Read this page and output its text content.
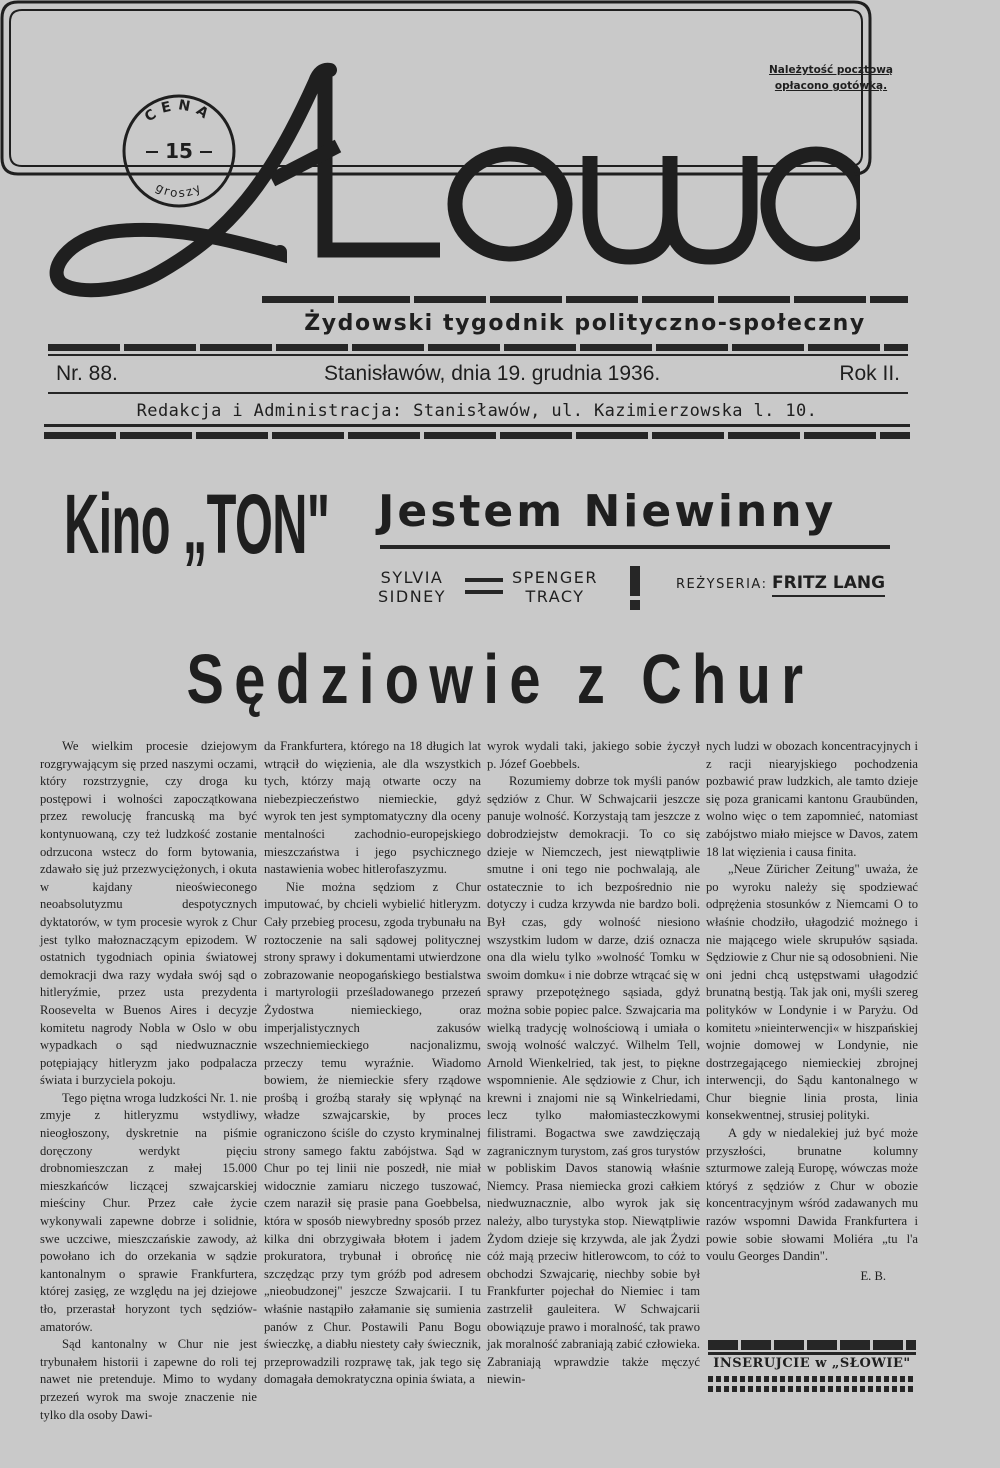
Należytość pocztową
opłacono gotówką.
CENA
15
groszy
Żydowski tygodnik polityczno-społeczny
Nr. 88.	Stanisławów, dnia 19. grudnia 1936.	Rok II.
Redakcja i Administracja: Stanisławów, ul. Kazimierzowska l. 10.
Kino „TON" Jestem Niewinny
SYLVIA
SIDNEY
SPENGER
TRACY
REŻYSERIA: FRITZ LANG
Sędziowie z Chur

We wielkim procesie dziejowym rozgrywającym się przed naszymi oczami, który rozstrzygnie, czy droga ku postępowi i wolności zapoczątkowana przez rewolucję francuską ma być kontynuowaną, czy też ludzkość zostanie odrzucona wstecz do form bytowania, zdawało się już przezwyciężonych, i okuta w kajdany nieoświeconego neoabsolutyzmu despotycznych dyktatorów, w tym procesie wyrok z Chur jest tylko małoznaczącym epizodem. W ostatnich tygodniach opinia światowej demokracji dwa razy wydała swój sąd o hitleryźmie, przez usta prezydenta Roosevelta w Buenos Aires i decyzje komitetu nagrody Nobla w Oslo w obu wypadkach o sąd niedwuznacznie potępiający hitleryzm jako podpalacza świata i burzyciela pokoju.

Tego piętna wroga ludzkości Nr. 1. nie zmyje z hitleryzmu wstydliwy, nieogłoszony, dyskretnie na piśmie doręczony werdykt pięciu drobnomieszczan z małej 15.000 mieszkańców liczącej szwajcarskiej mieściny Chur. Przez całe życie wykonywali zapewne dobrze i solidnie, swe uczciwe, mieszczańskie zawody, aż powołano ich do orzekania w sądzie kantonalnym o sprawie Frankfurtera, której zasięg, ze względu na jej dziejowe tło, przerastał horyzont tych sędziów-amatorów.

Sąd kantonalny w Chur nie jest trybunałem historii i zapewne do roli tej nawet nie pretenduje. Mimo to wydany przezeń wyrok ma swoje znaczenie nie tylko dla osoby Dawi-

da Frankfurtera, którego na 18 długich lat wtrącił do więzienia, ale dla wszystkich tych, którzy mają otwarte oczy na niebezpieczeństwo niemieckie, gdyż wyrok ten jest symptomatyczny dla oceny mentalności zachodnio-europejskiego mieszczaństwa i jego psychicznego nastawienia wobec hitlerofaszyzmu.

Nie można sędziom z Chur imputować, by chcieli wybielić hitleryzm. Cały przebieg procesu, zgoda trybunału na roztoczenie na sali sądowej politycznej strony sprawy i dokumentami utwierdzone zobrazowanie neopogańskiego bestialstwa i martyrologii prześladowanego przezeń Żydostwa niemieckiego, oraz imperjalistycznych zakusów wszechniemieckiego nacjonalizmu, przeczy temu wyraźnie. Wiadomo bowiem, że niemieckie sfery rządowe prośbą i groźbą starały się wpłynąć na władze szwajcarskie, by proces ograniczono ściśle do czysto kryminalnej strony samego faktu zabójstwa. Sąd w Chur po tej linii nie poszedł, nie miał widocznie zamiaru niczego tuszować, czem naraził się prasie pana Goebbelsa, która w sposób niewybredny sposób przez kilka dni obrzygiwała błotem i jadem prokuratora, trybunał i obrońcę nie szczędząc przy tym gróźb pod adresem „nieobudzonej" jeszcze Szwajcarii. I tu właśnie nastąpiło załamanie się sumienia panów z Chur. Postawili Panu Bogu świeczkę, a diabłu niestety cały świecznik, przeprowadzili rozprawę tak, jak tego się domagała demokratyczna opinia świata, a

wyrok wydali taki, jakiego sobie życzył p. Józef Goebbels.

Rozumiemy dobrze tok myśli panów sędziów z Chur. W Schwajcarii jeszcze panuje wolność. Korzystają tam jeszcze z dobrodziejstw demokracji. To co się dzieje w Niemczech, jest niewątpliwie smutne i oni tego nie pochwalają, ale ostatecznie to ich bezpośrednio nie dotyczy i cudza krzywda nie bardzo boli. Był czas, gdy wolność niesiono wszystkim ludom w darze, dziś oznacza ona dla wielu tylko »wolność Tomku w swoim domku« i nie dobrze wtrącać się w sprawy przepotężnego sąsiada, gdyż można sobie popiec palce. Szwajcaria ma wielką tradycję wolnościową i umiała o swoją wolność walczyć. Wilhelm Tell, Arnold Wienkelried, tak jest, to piękne wspomnienie. Ale sędziowie z Chur, ich krewni i znajomi nie są Winkelriedami, lecz tylko małomiasteczkowymi filistrami. Bogactwa swe zawdzięczają zagranicznym turystom, zaś gros turystów w pobliskim Davos stanowią właśnie Niemcy. Prasa niemiecka grozi całkiem niedwuznacznie, albo wyrok jak się należy, albo turystyka stop. Niewątpliwie Żydom dzieje się krzywda, ale jak Żydzi cóż mają przeciw hitlerowcom, to cóż to obchodzi Szwajcarię, niechby sobie był Frankfurter pojechał do Niemiec i tam zastrzelił gauleitera. W Schwajcarii obowiązuje prawo i moralność, tak prawo jak moralność zabraniają zabić człowieka. Zabraniają wprawdzie także męczyć niewin-

nych ludzi w obozach koncentracyjnych i z racji niearyjskiego pochodzenia pozbawić praw ludzkich, ale tamto dzieje się poza granicami kantonu Graubünden, wolno więc o tem zapomnieć, natomiast zabójstwo miało miejsce w Davos, zatem 18 lat więzienia i causa finita.

„Neue Züricher Zeitung" uważa, że po wyroku należy się spodziewać odprężenia stosunków z Niemcami O to właśnie chodziło, ułagodzić możnego i nie mającego wiele skrupułów sąsiada. Sędziowie z Chur nie są odosobnieni. Nie oni jedni chcą ustępstwami ułagodzić brunatną bestją. Tak jak oni, myśli szereg polityków w Londynie i w Paryżu. Od komitetu »nieinterwencji« w hiszpańskiej wojnie domowej w Londynie, nie dostrzegającego niemieckiej zbrojnej interwencji, do Sądu kantonalnego w Chur biegnie linia prosta, linia konsekwentnej, strusiej polityki.

A gdy w niedalekiej już być może przyszłości, brunatne kolumny szturmowe zaleją Europę, wówczas może któryś z sędziów z Chur w obozie koncentracyjnym wśród zadawanych mu razów wspomni Dawida Frankfurtera i powie sobie słowami Moliéra „tu l'a voulu Georges Dandin".

E. B.

INSERUJCIE w „SŁOWIE"
